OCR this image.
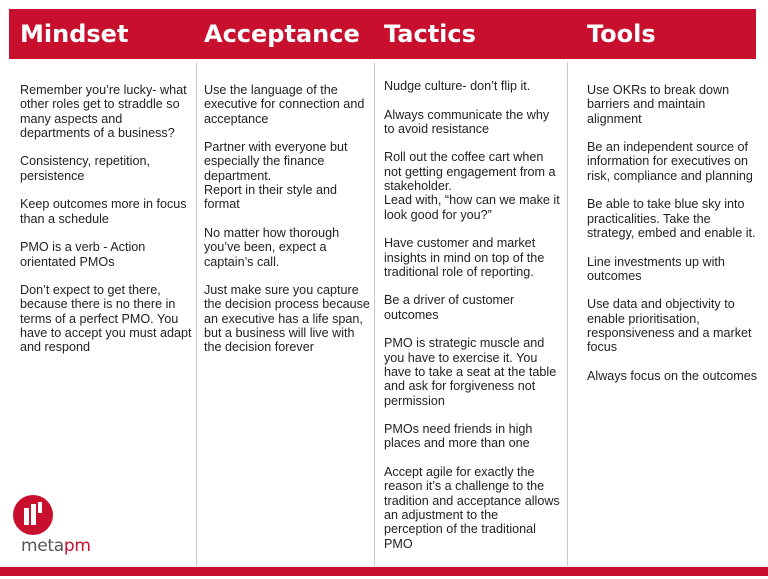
Mindset	Acceptance Tactics	Tools

Remember you’re lucky- what other roles get to straddle so many aspects and departments of a business?

Consistency, repetition, persistence

Keep outcomes more in focus than a schedule

PMO is a verb - Action orientated PMOs

Don’t expect to get there, because there is no there in terms of a perfect PMO. You have to accept you must adapt and respond

Use the language of the executive for connection and acceptance

Partner with everyone but especially the finance department.
Report in their style and format

No matter how thorough you’ve been, expect a captain’s call.

Just make sure you capture the decision process because an executive has a life span, but a business will live with the decision forever

Nudge culture- don’t flip it.

Always communicate the why to avoid resistance

Roll out the coffee cart when not getting engagement from a stakeholder.
Lead with, “how can we make it look good for you?”

Have customer and market insights in mind on top of the traditional role of reporting.

Be a driver of customer outcomes

PMO is strategic muscle and you have to exercise it. You have to take a seat at the table and ask for forgiveness not permission

PMOs need friends in high places and more than one

Accept agile for exactly the reason it’s a challenge to the tradition and acceptance allows an adjustment to the perception of the traditional PMO

Use OKRs to break down barriers and maintain alignment

Be an independent source of information for executives on risk, compliance and planning

Be able to take blue sky into practicalities. Take the strategy, embed and enable it.

Line investments up with outcomes

Use data and objectivity to enable prioritisation, responsiveness and a market focus

Always focus on the outcomes

metapm
